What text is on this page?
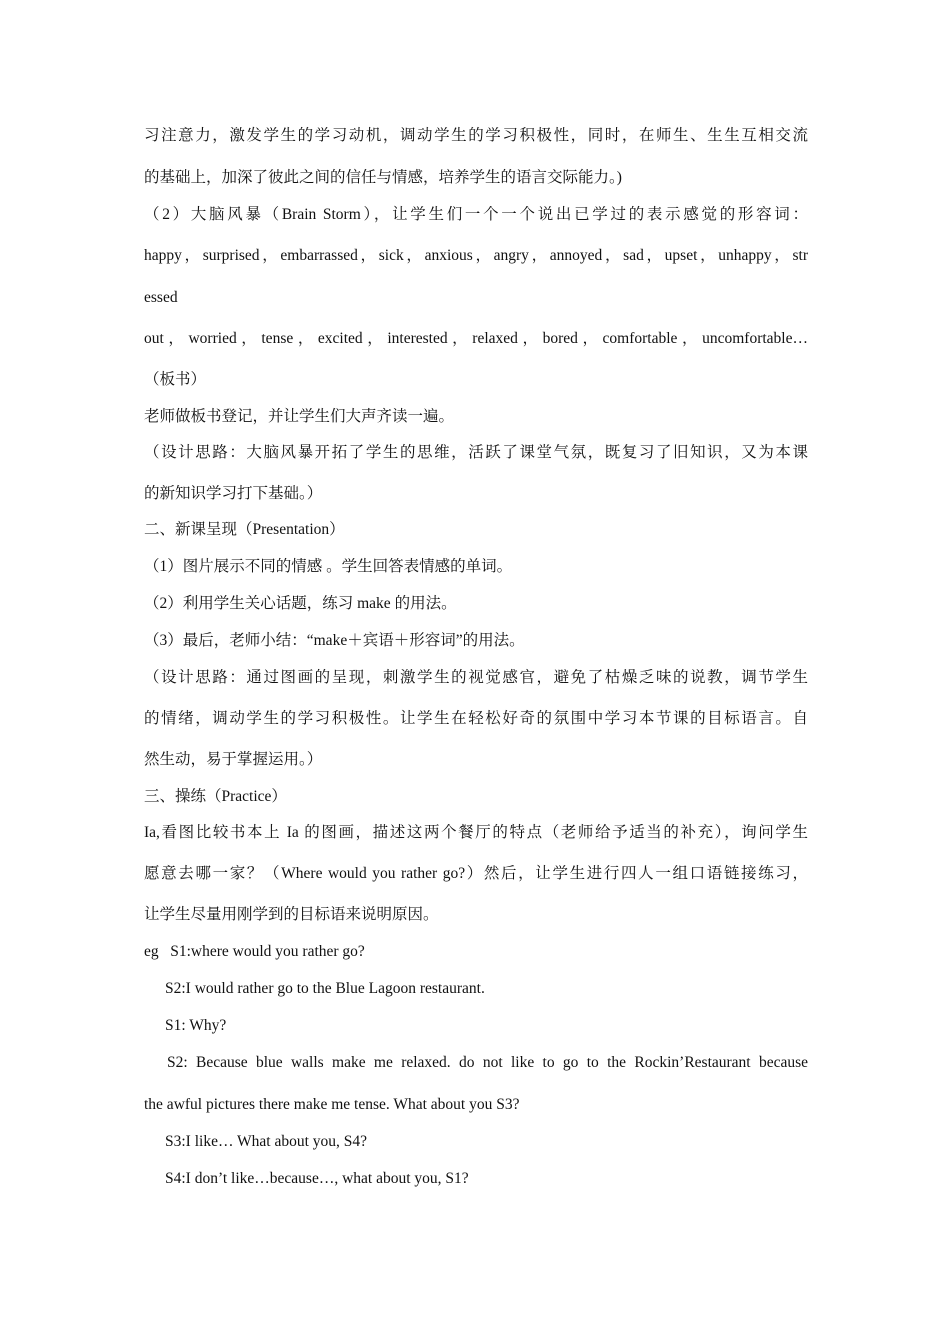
习注意力，激发学生的学习动机，调动学生的学习积极性，同时，在师生、生生互相交流
的基础上，加深了彼此之间的信任与情感，培养学生的语言交际能力。)
（2）大脑风暴（Brain Storm），让学生们一个一个说出已学过的表示感觉的形容词：
happy，surprised，embarrassed，sick，anxious，angry，annoyed，sad，upset，unhappy，str
essed
out，worried，tense，excited，interested，relaxed，bored，comfortable，uncomfortable…
（板书）
老师做板书登记，并让学生们大声齐读一遍。
（设计思路：大脑风暴开拓了学生的思维，活跃了课堂气氛，既复习了旧知识，又为本课
的新知识学习打下基础。）
二、新课呈现（Presentation）
（1）图片展示不同的情感 。学生回答表情感的单词。
（2）利用学生关心话题，练习 make 的用法。
（3）最后，老师小结：“make＋宾语＋形容词”的用法。
（设计思路：通过图画的呈现，刺激学生的视觉感官，避免了枯燥乏味的说教，调节学生
的情绪，调动学生的学习积极性。让学生在轻松好奇的氛围中学习本节课的目标语言。自
然生动，易于掌握运用。）
三、操练（Practice）
Ia,看图比较书本上 Ia 的图画，描述这两个餐厅的特点（老师给予适当的补充），询问学生
愿意去哪一家？（Where would you rather go?）然后，让学生进行四人一组口语链接练习，
让学生尽量用刚学到的目标语来说明原因。
eg   S1:where would you rather go?
S2:I would rather go to the Blue Lagoon restaurant.
S1: Why?
S2: Because blue walls make me relaxed. do not like to go to the Rockin’Restaurant because
the awful pictures there make me tense. What about you S3?
S3:I like… What about you, S4?
S4:I don’t like…because…, what about you, S1?
